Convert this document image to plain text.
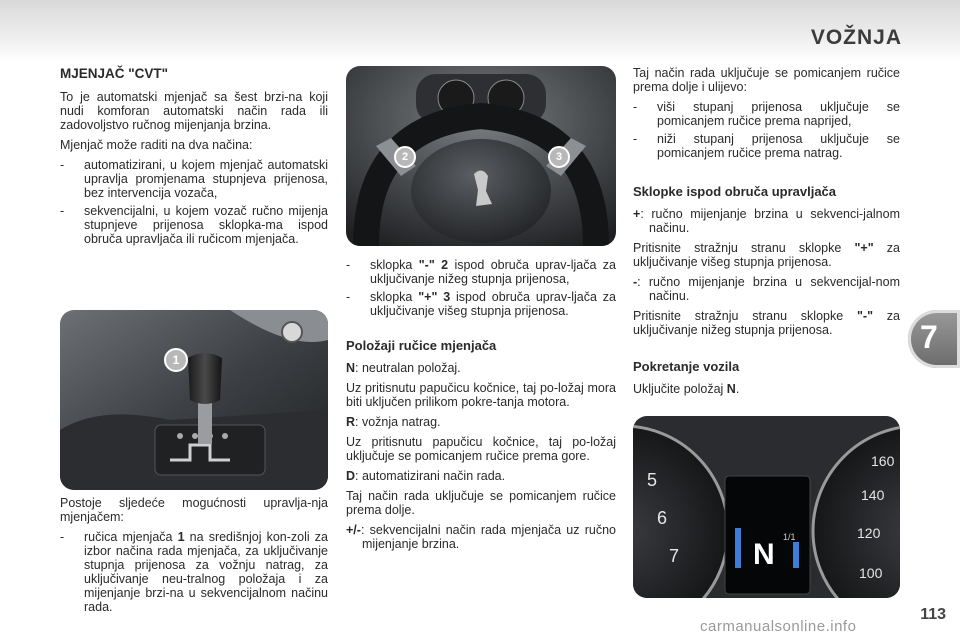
VOŽNJA
7
MJENJAČ "CVT"

To je automatski mjenjač sa šest brzi-na koji nudi komforan automatski način rada ili zadovoljstvo ručnog mijenjanja brzina.

Mjenjač može raditi na dva načina:

- automatizirani, u kojem mjenjač automatski upravlja promjenama stupnjeva prijenosa, bez intervencija vozača,
- sekvencijalni, u kojem vozač ručno mijenja stupnjeve prijenosa sklopka-ma ispod obruča upravljača ili ručicom mjenjača.
1

Postoje sljedeće mogućnosti upravlja-nja mjenjačem:

- ručica mjenjača 1 na središnjoj kon-zoli za izbor načina rada mjenjača, za uključivanje stupnja prijenosa za vožnju natrag, za uključivanje neu-tralnog položaja i za mijenjanje brzi-na u sekvencijalnom načinu rada.
2	3
- sklopka "-" 2 ispod obruča uprav-ljača za uključivanje nižeg stupnja prijenosa,
- sklopka "+" 3 ispod obruča uprav-ljača za uključivanje višeg stupnja prijenosa.
Položaji ručice mjenjača

N: neutralan položaj.

Uz pritisnutu papučicu kočnice, taj po-ložaj mora biti uključen prilikom pokre-tanja motora.

R: vožnja natrag.

Uz pritisnutu papučicu kočnice, taj po-ložaj uključuje se pomicanjem ručice prema gore.

D: automatizirani način rada.

Taj način rada uključuje se pomicanjem ručice prema dolje.

+/-: sekvencijalni način rada mjenjača uz ručno mijenjanje brzina.

Taj način rada uključuje se pomicanjem ručice prema dolje i ulijevo:

- viši stupanj prijenosa uključuje se pomicanjem ručice prema naprijed,
- niži stupanj prijenosa uključuje se pomicanjem ručice prema natrag.
Sklopke ispod obruča upravljača

+: ručno mijenjanje brzina u sekvenci-jalnom načinu.

Pritisnite stražnju stranu sklopke "+" za uključivanje višeg stupnja prijenosa.

-: ručno mijenjanje brzina u sekvencijal-nom načinu.

Pritisnite stražnju stranu sklopke "-" za uključivanje nižeg stupnja prijenosa.

Pokretanje vozila

Uključite položaj N.

5
6
7
100
120
140
160
1/1
N
113
carmanualsonline.info
